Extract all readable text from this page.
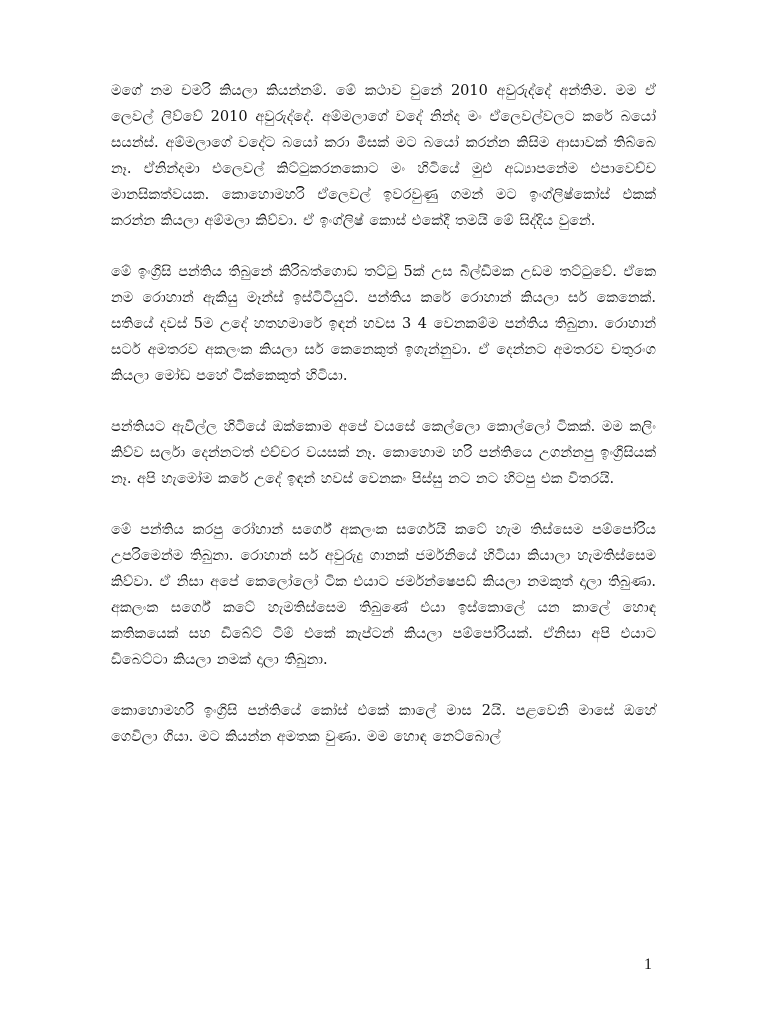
මගේ නම චමරි කියලා කියන්නම්. මේ කථාව වුනේ 2010 අවුරුද්දේ අන්තිම. මම ඒ ලෙවල් ලිව්වේ 2010 අවුරුද්දේ. අම්මලාගේ වදේ නින්ද මං ඒලෙවල්වලට කරේ බයෝ සයන්ස්. අම්මලාගේ වදේට බයෝ කරා මිසක් මට බයෝ කරන්න කිසිම ආසාවක් තිබ්බෙ නෑ. ඒනින්දමා එලෙවල් කිට්ටුකරනකොට මං හිටියේ මුළු අධ්‍යාපනේම එපාවෙච්ච මානසිකත්වයක. කොහොමහරි ඒලෙවල් ඉවරවුණු ගමන් මට ඉංග්ලිෂ්කෝස් එකක් කරන්න කියලා අම්මලා කිව්වා. ඒ ඉංග්ලිෂ් කොස් එකේදී තමයි මේ සිද්දිය වුනේ.

මේ ඉංග්‍රිසි පන්තිය තිබුනේ කිරිබත්ගොඩ තට්ටු 5ක් උස බිල්ඩිමක උඩම තට්ටුවේ. ඒකෙ නම රොහාන් ඇකියු මෑන්ස් ඉස්ටිටියුට්. පන්තිය කරේ රොහාන් කියලා සර් කෙනෙක්. සතියේ දවස් 5ම උදේ හතහමාරේ ඉඳන් හවස 3 4 වෙනකම්ම පන්තිය තිබුනා. රොහාන් සර්ට අමතරව අකලංක කියලා සර් කෙනෙකුත් ඉගැන්නුවා. ඒ දෙන්නට අමතරව චතුරංග කියලා මෝඩ පහේ ටික්කෙකුත් හිටියා.

පන්තියට ඇවිල්ල හිටියේ ඔක්කොම අපේ වයසේ කෙල්ලො කොල්ලෝ ටිකක්. මම කලිං කිව්ව සර්ලා දෙන්නටත් එච්චර වයසක් නෑ. කොහොම හරි පන්තියෙ උගන්නපු ඉංග්‍රිසියක් නෑ. අපි හැමෝම කරේ උදේ ඉඳන් හවස් වෙනකං පිස්සු නට නට හිටපු එක විතරයි.

මේ පන්තිය කරපු රෝහාන් සර්ගේ අකලංක සර්ගෙයි කටේ හැම තිස්සෙම පම්පෝරිය උපරිමෙන්ම තිබුනා. රොහාන් සර් අවුරුදු ගානක් ජර්මනියේ හිටියා කියාලා හැමතිස්සෙම කිව්වා. ඒ නිසා අපේ කෙලෝලෝ ටික එයාට ජර්මන්ෂෙපඩ් කියලා නමකුත් දාලා තිබුණා. අකලංක සර්ගේ කටේ හැමතිස්සෙම තිබුණේ එයා ඉස්කොලේ යන කාලේ හොඳ කතිකයෙක් සහ ඩිබේට් ටීම් එකේ කැප්ටන් කියලා පම්පෝරියක්. ඒනිසා අපි එයාට ඩිබෙට්ටා කියලා නමක් දාලා තිබුනා.

කොහොමහරි ඉංග්‍රිසි පන්තියේ කෝස් එකේ කාලේ මාස 2යි. පළවෙනි මාසේ ඔහේ ගෙවිලා ගියා. මට කියන්න අමතක වුණා. මම හොඳ නෙට්බොල්

1
